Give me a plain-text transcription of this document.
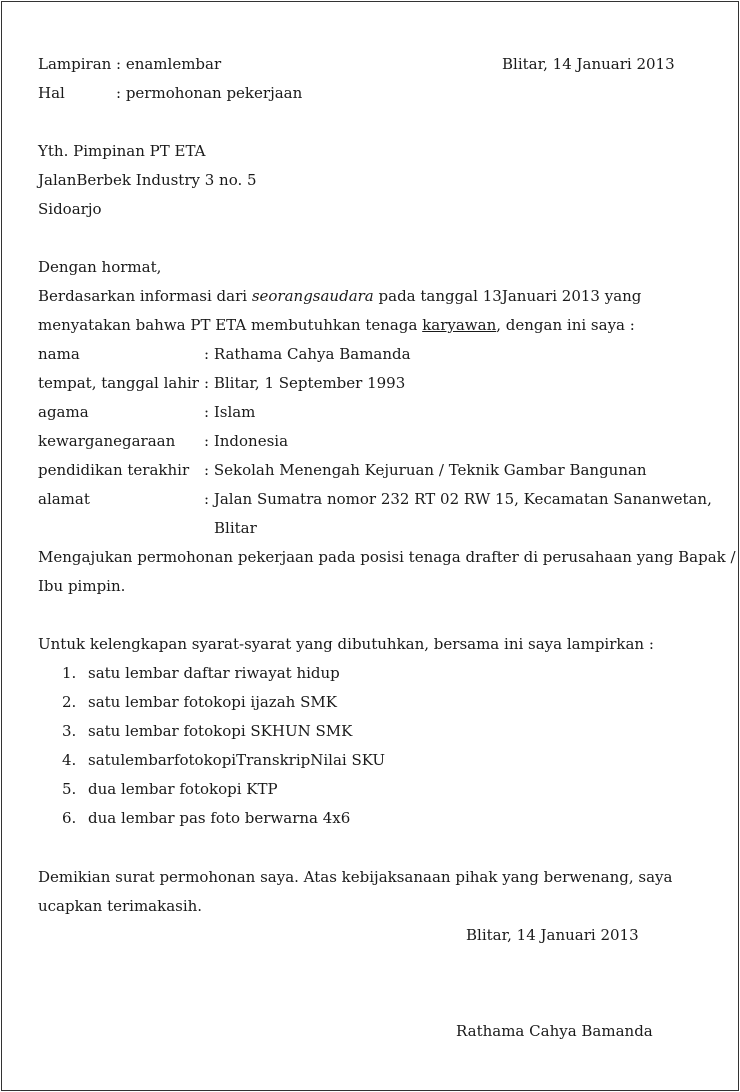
Lampiran : enamlembar	Blitar, 14 Januari 2013
Hal	: permohonan pekerjaan
Yth. Pimpinan PT ETA
JalanBerbek Industry 3 no. 5
Sidoarjo
Dengan hormat,
Berdasarkan informasi dari seorangsaudara pada tanggal 13Januari 2013 yang
menyatakan bahwa PT ETA membutuhkan tenaga karyawan, dengan ini saya :
nama	: Rathama Cahya Bamanda
tempat, tanggal lahir : Blitar, 1 September 1993
agama	: Islam
kewarganegaraan : Indonesia
pendidikan terakhir : Sekolah Menengah Kejuruan / Teknik Gambar Bangunan
alamat	: Jalan Sumatra nomor 232 RT 02 RW 15, Kecamatan Sananwetan,
Blitar
Mengajukan permohonan pekerjaan pada posisi tenaga drafter di perusahaan yang Bapak /
Ibu pimpin.
Untuk kelengkapan syarat-syarat yang dibutuhkan, bersama ini saya lampirkan :
1. satu lembar daftar riwayat hidup
2. satu lembar fotokopi ijazah SMK
3. satu lembar fotokopi SKHUN SMK
4. satulembarfotokopiTranskripNilai SKU
5. dua lembar fotokopi KTP
6. dua lembar pas foto berwarna 4x6
Demikian surat permohonan saya. Atas kebijaksanaan pihak yang berwenang, saya
ucapkan terimakasih.
Blitar, 14 Januari 2013
Rathama Cahya Bamanda
